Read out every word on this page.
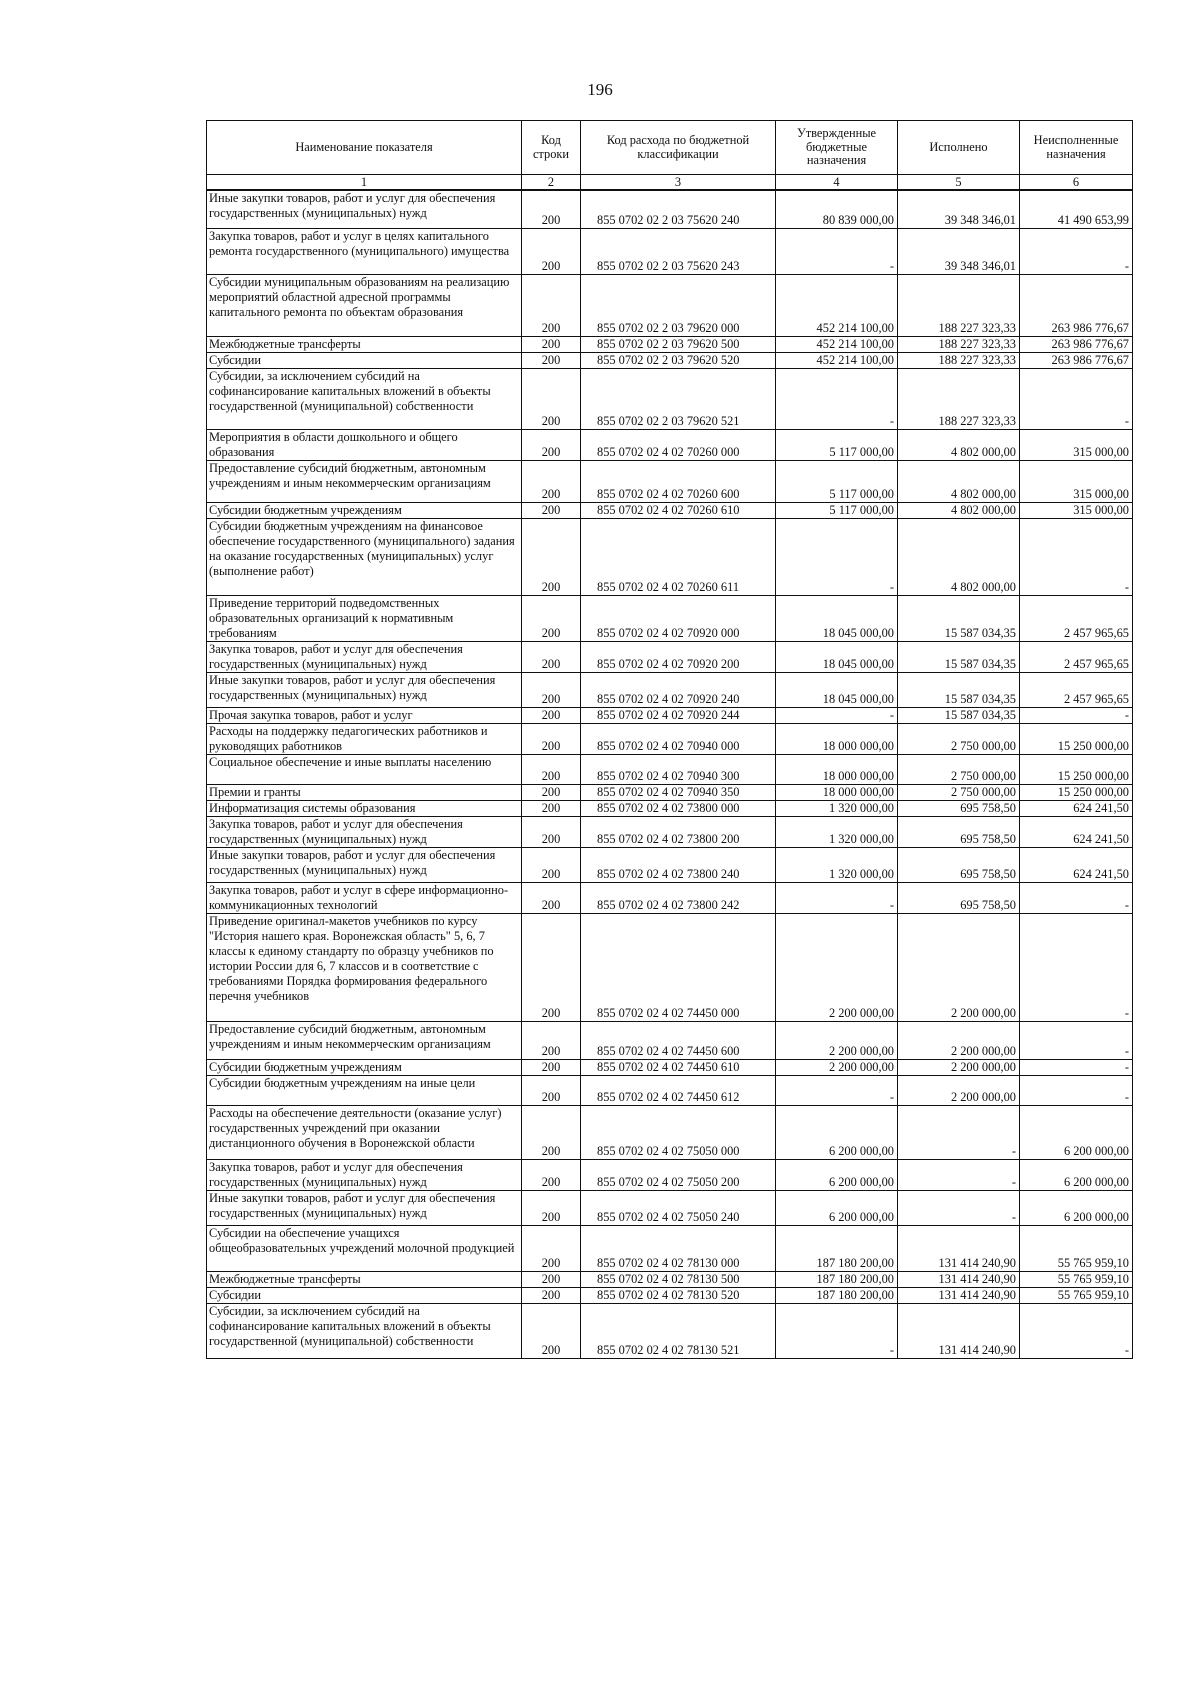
196
Наименование показателя	Код строки	Код расхода по бюджетной классификации	Утвержденные бюджетные назначения	Исполнено	Неисполненные назначения
1	2	3	4	5	6
Иные закупки товаров, работ и услуг для обеспечения государственных (муниципальных) нужд	200	855 0702 02 2 03 75620 240	80 839 000,00	39 348 346,01	41 490 653,99
Закупка товаров, работ и услуг в целях капитального ремонта государственного (муниципального) имущества	200	855 0702 02 2 03 75620 243	-	39 348 346,01	-
Субсидии муниципальным образованиям на реализацию мероприятий областной адресной программы капитального ремонта по объектам образования	200	855 0702 02 2 03 79620 000	452 214 100,00	188 227 323,33	263 986 776,67
Межбюджетные трансферты	200	855 0702 02 2 03 79620 500	452 214 100,00	188 227 323,33	263 986 776,67
Субсидии	200	855 0702 02 2 03 79620 520	452 214 100,00	188 227 323,33	263 986 776,67
Субсидии, за исключением субсидий на софинансирование капитальных вложений в объекты государственной (муниципальной) собственности	200	855 0702 02 2 03 79620 521	-	188 227 323,33	-
Мероприятия в области дошкольного и общего образования	200	855 0702 02 4 02 70260 000	5 117 000,00	4 802 000,00	315 000,00
Предоставление субсидий бюджетным, автономным учреждениям и иным некоммерческим организациям	200	855 0702 02 4 02 70260 600	5 117 000,00	4 802 000,00	315 000,00
Субсидии бюджетным учреждениям	200	855 0702 02 4 02 70260 610	5 117 000,00	4 802 000,00	315 000,00
Субсидии бюджетным учреждениям на финансовое обеспечение государственного (муниципального) задания на оказание государственных (муниципальных) услуг (выполнение работ)	200	855 0702 02 4 02 70260 611	-	4 802 000,00	-
Приведение территорий подведомственных образовательных организаций к нормативным требованиям	200	855 0702 02 4 02 70920 000	18 045 000,00	15 587 034,35	2 457 965,65
Закупка товаров, работ и услуг для обеспечения государственных (муниципальных) нужд	200	855 0702 02 4 02 70920 200	18 045 000,00	15 587 034,35	2 457 965,65
Иные закупки товаров, работ и услуг для обеспечения государственных (муниципальных) нужд	200	855 0702 02 4 02 70920 240	18 045 000,00	15 587 034,35	2 457 965,65
Прочая закупка товаров, работ и услуг	200	855 0702 02 4 02 70920 244	-	15 587 034,35	-
Расходы на поддержку педагогических работников и руководящих работников	200	855 0702 02 4 02 70940 000	18 000 000,00	2 750 000,00	15 250 000,00
Социальное обеспечение и иные выплаты населению	200	855 0702 02 4 02 70940 300	18 000 000,00	2 750 000,00	15 250 000,00
Премии и гранты	200	855 0702 02 4 02 70940 350	18 000 000,00	2 750 000,00	15 250 000,00
Информатизация системы образования	200	855 0702 02 4 02 73800 000	1 320 000,00	695 758,50	624 241,50
Закупка товаров, работ и услуг для обеспечения государственных (муниципальных) нужд	200	855 0702 02 4 02 73800 200	1 320 000,00	695 758,50	624 241,50
Иные закупки товаров, работ и услуг для обеспечения государственных (муниципальных) нужд	200	855 0702 02 4 02 73800 240	1 320 000,00	695 758,50	624 241,50
Закупка товаров, работ и услуг в сфере информационно-коммуникационных технологий	200	855 0702 02 4 02 73800 242	-	695 758,50	-
Приведение оригинал-макетов учебников по курсу "История нашего края. Воронежская область" 5, 6, 7 классы к единому стандарту по образцу учебников по истории России для 6, 7 классов и в соответствие с требованиями Порядка формирования федерального перечня учебников	200	855 0702 02 4 02 74450 000	2 200 000,00	2 200 000,00	-
Предоставление субсидий бюджетным, автономным учреждениям и иным некоммерческим организациям	200	855 0702 02 4 02 74450 600	2 200 000,00	2 200 000,00	-
Субсидии бюджетным учреждениям	200	855 0702 02 4 02 74450 610	2 200 000,00	2 200 000,00	-
Субсидии бюджетным учреждениям на иные цели	200	855 0702 02 4 02 74450 612	-	2 200 000,00	-
Расходы на обеспечение деятельности (оказание услуг) государственных учреждений при оказании дистанционного обучения в Воронежской области	200	855 0702 02 4 02 75050 000	6 200 000,00	-	6 200 000,00
Закупка товаров, работ и услуг для обеспечения государственных (муниципальных) нужд	200	855 0702 02 4 02 75050 200	6 200 000,00	-	6 200 000,00
Иные закупки товаров, работ и услуг для обеспечения государственных (муниципальных) нужд	200	855 0702 02 4 02 75050 240	6 200 000,00	-	6 200 000,00
Субсидии на обеспечение учащихся общеобразовательных учреждений молочной продукцией	200	855 0702 02 4 02 78130 000	187 180 200,00	131 414 240,90	55 765 959,10
Межбюджетные трансферты	200	855 0702 02 4 02 78130 500	187 180 200,00	131 414 240,90	55 765 959,10
Субсидии	200	855 0702 02 4 02 78130 520	187 180 200,00	131 414 240,90	55 765 959,10
Субсидии, за исключением субсидий на софинансирование капитальных вложений в объекты государственной (муниципальной) собственности	200	855 0702 02 4 02 78130 521	-	131 414 240,90	-
